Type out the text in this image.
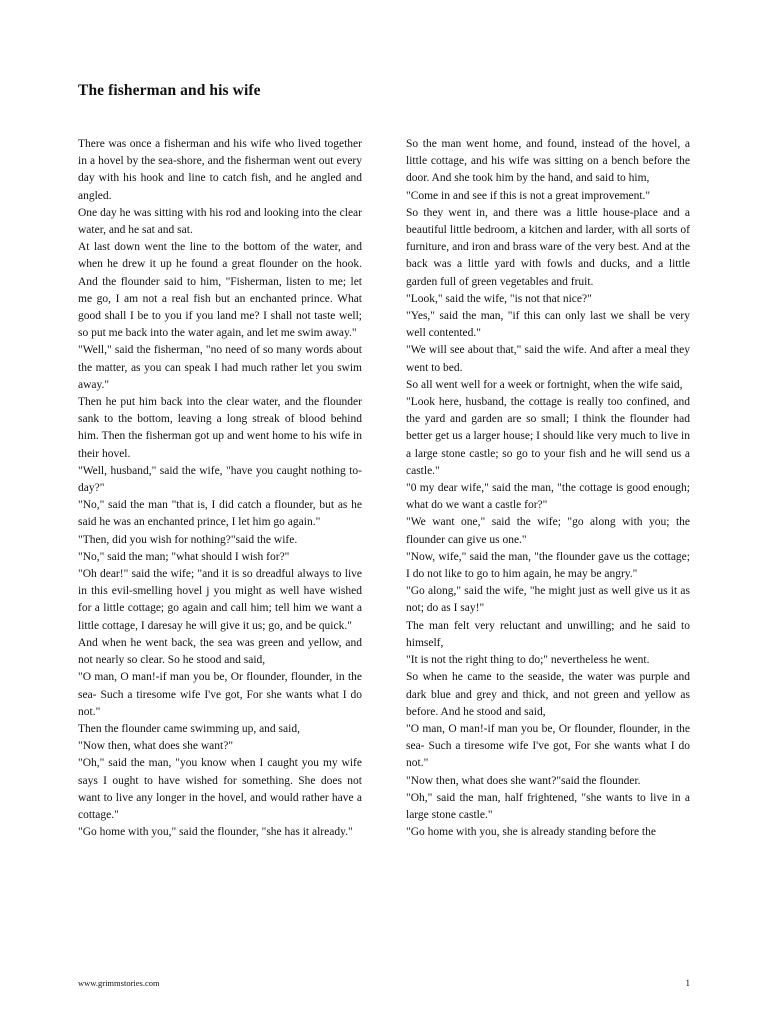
The fisherman and his wife

There was once a fisherman and his wife who lived together in a hovel by the sea-shore, and the fisherman went out every day with his hook and line to catch fish, and he angled and angled.

One day he was sitting with his rod and looking into the clear water, and he sat and sat.

At last down went the line to the bottom of the water, and when he drew it up he found a great flounder on the hook. And the flounder said to him, "Fisherman, listen to me; let me go, I am not a real fish but an enchanted prince. What good shall I be to you if you land me? I shall not taste well; so put me back into the water again, and let me swim away."

"Well," said the fisherman, "no need of so many words about the matter, as you can speak I had much rather let you swim away."

Then he put him back into the clear water, and the flounder sank to the bottom, leaving a long streak of blood behind him. Then the fisherman got up and went home to his wife in their hovel.

"Well, husband," said the wife, "have you caught nothing to-day?"

"No," said the man "that is, I did catch a flounder, but as he said he was an enchanted prince, I let him go again."

"Then, did you wish for nothing?"said the wife.

"No," said the man; "what should I wish for?"

"Oh dear!" said the wife; "and it is so dreadful always to live in this evil-smelling hovel j you might as well have wished for a little cottage; go again and call him; tell him we want a little cottage, I daresay he will give it us; go, and be quick."

And when he went back, the sea was green and yellow, and not nearly so clear. So he stood and said,

"O man, O man!-if man you be, Or flounder, flounder, in the sea- Such a tiresome wife I've got, For she wants what I do not."

Then the flounder came swimming up, and said,

"Now then, what does she want?"

"Oh," said the man, "you know when I caught you my wife says I ought to have wished for something. She does not want to live any longer in the hovel, and would rather have a cottage."

"Go home with you," said the flounder, "she has it already."

So the man went home, and found, instead of the hovel, a little cottage, and his wife was sitting on a bench before the door. And she took him by the hand, and said to him,

"Come in and see if this is not a great improvement."

So they went in, and there was a little house-place and a beautiful little bedroom, a kitchen and larder, with all sorts of furniture, and iron and brass ware of the very best. And at the back was a little yard with fowls and ducks, and a little garden full of green vegetables and fruit.

"Look," said the wife, "is not that nice?"

"Yes," said the man, "if this can only last we shall be very well contented."

"We will see about that," said the wife. And after a meal they went to bed.

So all went well for a week or fortnight, when the wife said,

"Look here, husband, the cottage is really too confined, and the yard and garden are so small; I think the flounder had better get us a larger house; I should like very much to live in a large stone castle; so go to your fish and he will send us a castle."

"0 my dear wife," said the man, "the cottage is good enough; what do we want a castle for?"

"We want one," said the wife; "go along with you; the flounder can give us one."

"Now, wife," said the man, "the flounder gave us the cottage; I do not like to go to him again, he may be angry."

"Go along," said the wife, "he might just as well give us it as not; do as I say!"

The man felt very reluctant and unwilling; and he said to himself,

"It is not the right thing to do;" nevertheless he went.

So when he came to the seaside, the water was purple and dark blue and grey and thick, and not green and yellow as before. And he stood and said,

"O man, O man!-if man you be, Or flounder, flounder, in the sea- Such a tiresome wife I've got, For she wants what I do not."

"Now then, what does she want?"said the flounder.

"Oh," said the man, half frightened, "she wants to live in a large stone castle."

"Go home with you, she is already standing before the

www.grimmstories.com	1
